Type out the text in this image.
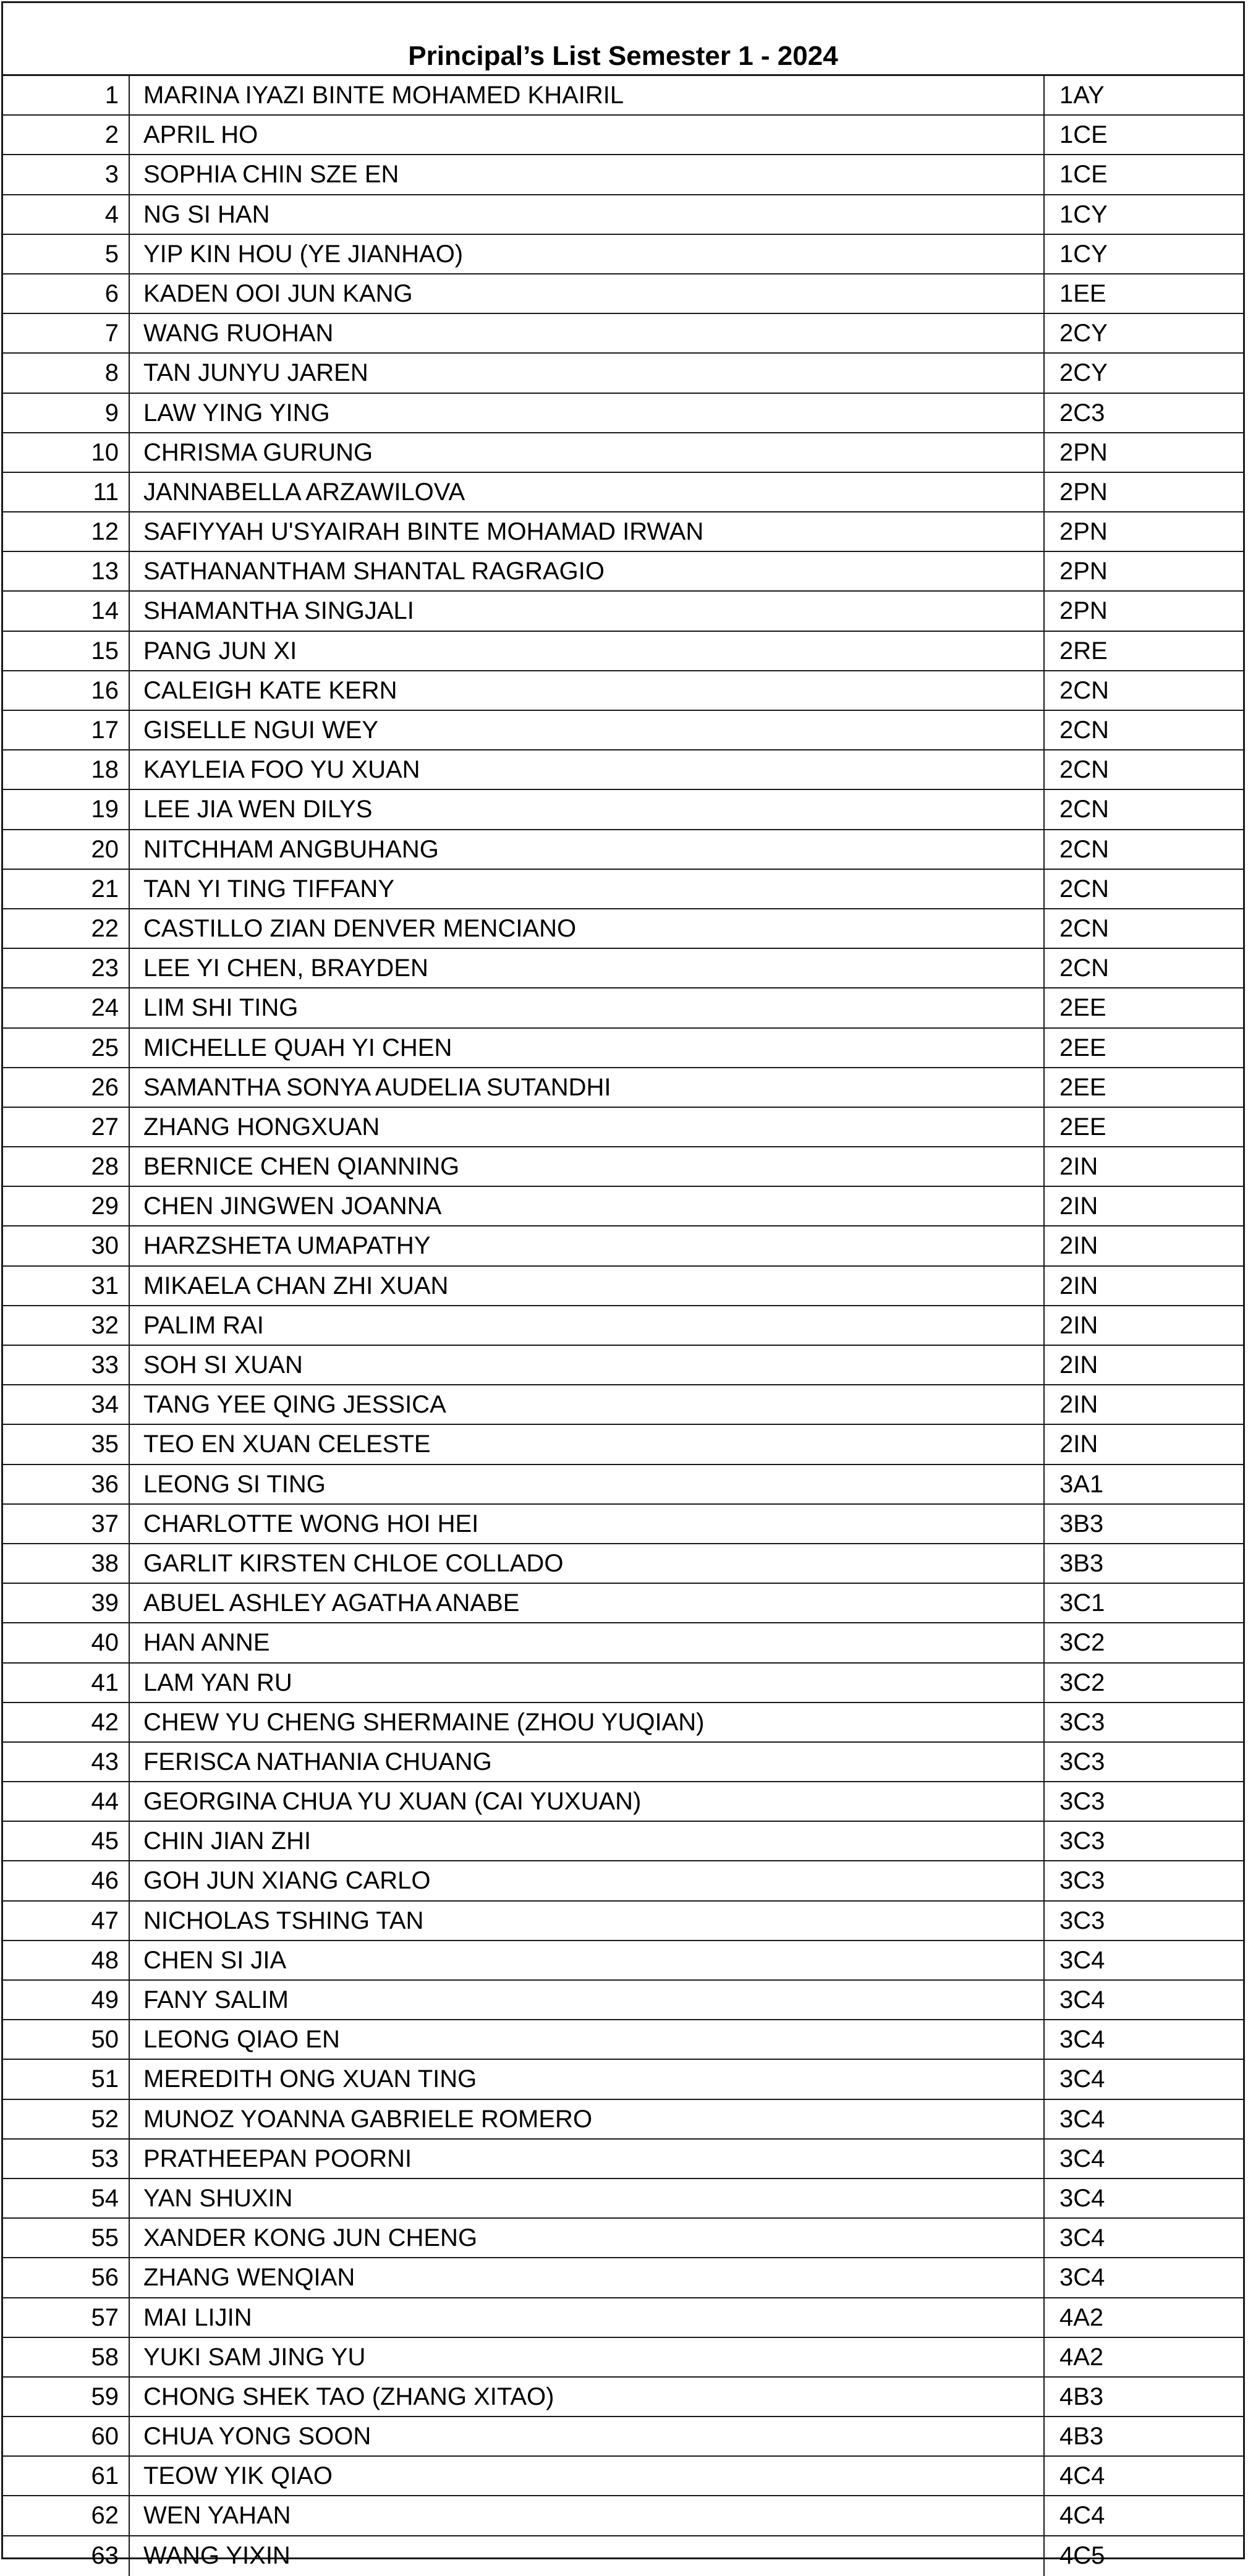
Principal’s List Semester 1 - 2024
1	MARINA IYAZI BINTE MOHAMED KHAIRIL	1AY
2	APRIL HO	1CE
3	SOPHIA CHIN SZE EN	1CE
4	NG SI HAN	1CY
5	YIP KIN HOU (YE JIANHAO)	1CY
6	KADEN OOI JUN KANG	1EE
7	WANG RUOHAN	2CY
8	TAN JUNYU JAREN	2CY
9	LAW YING YING	2C3
10	CHRISMA GURUNG	2PN
11	JANNABELLA ARZAWILOVA	2PN
12	SAFIYYAH U'SYAIRAH BINTE MOHAMAD IRWAN	2PN
13	SATHANANTHAM SHANTAL RAGRAGIO	2PN
14	SHAMANTHA SINGJALI	2PN
15	PANG JUN XI	2RE
16	CALEIGH KATE KERN	2CN
17	GISELLE NGUI WEY	2CN
18	KAYLEIA FOO YU XUAN	2CN
19	LEE JIA WEN DILYS	2CN
20	NITCHHAM ANGBUHANG	2CN
21	TAN YI TING TIFFANY	2CN
22	CASTILLO ZIAN DENVER MENCIANO	2CN
23	LEE YI CHEN, BRAYDEN	2CN
24	LIM SHI TING	2EE
25	MICHELLE QUAH YI CHEN	2EE
26	SAMANTHA SONYA AUDELIA SUTANDHI	2EE
27	ZHANG HONGXUAN	2EE
28	BERNICE CHEN QIANNING	2IN
29	CHEN JINGWEN JOANNA	2IN
30	HARZSHETA UMAPATHY	2IN
31	MIKAELA CHAN ZHI XUAN	2IN
32	PALIM RAI	2IN
33	SOH SI XUAN	2IN
34	TANG YEE QING JESSICA	2IN
35	TEO EN XUAN CELESTE	2IN
36	LEONG SI TING	3A1
37	CHARLOTTE WONG HOI HEI	3B3
38	GARLIT KIRSTEN CHLOE COLLADO	3B3
39	ABUEL ASHLEY AGATHA ANABE	3C1
40	HAN ANNE	3C2
41	LAM YAN RU	3C2
42	CHEW YU CHENG SHERMAINE (ZHOU YUQIAN)	3C3
43	FERISCA NATHANIA CHUANG	3C3
44	GEORGINA CHUA YU XUAN (CAI YUXUAN)	3C3
45	CHIN JIAN ZHI	3C3
46	GOH JUN XIANG CARLO	3C3
47	NICHOLAS TSHING TAN	3C3
48	CHEN SI JIA	3C4
49	FANY SALIM	3C4
50	LEONG QIAO EN	3C4
51	MEREDITH ONG XUAN TING	3C4
52	MUNOZ YOANNA GABRIELE ROMERO	3C4
53	PRATHEEPAN POORNI	3C4
54	YAN SHUXIN	3C4
55	XANDER KONG JUN CHENG	3C4
56	ZHANG WENQIAN	3C4
57	MAI LIJIN	4A2
58	YUKI SAM JING YU	4A2
59	CHONG SHEK TAO (ZHANG XITAO)	4B3
60	CHUA YONG SOON	4B3
61	TEOW YIK QIAO	4C4
62	WEN YAHAN	4C4
63	WANG YIXIN	4C5
